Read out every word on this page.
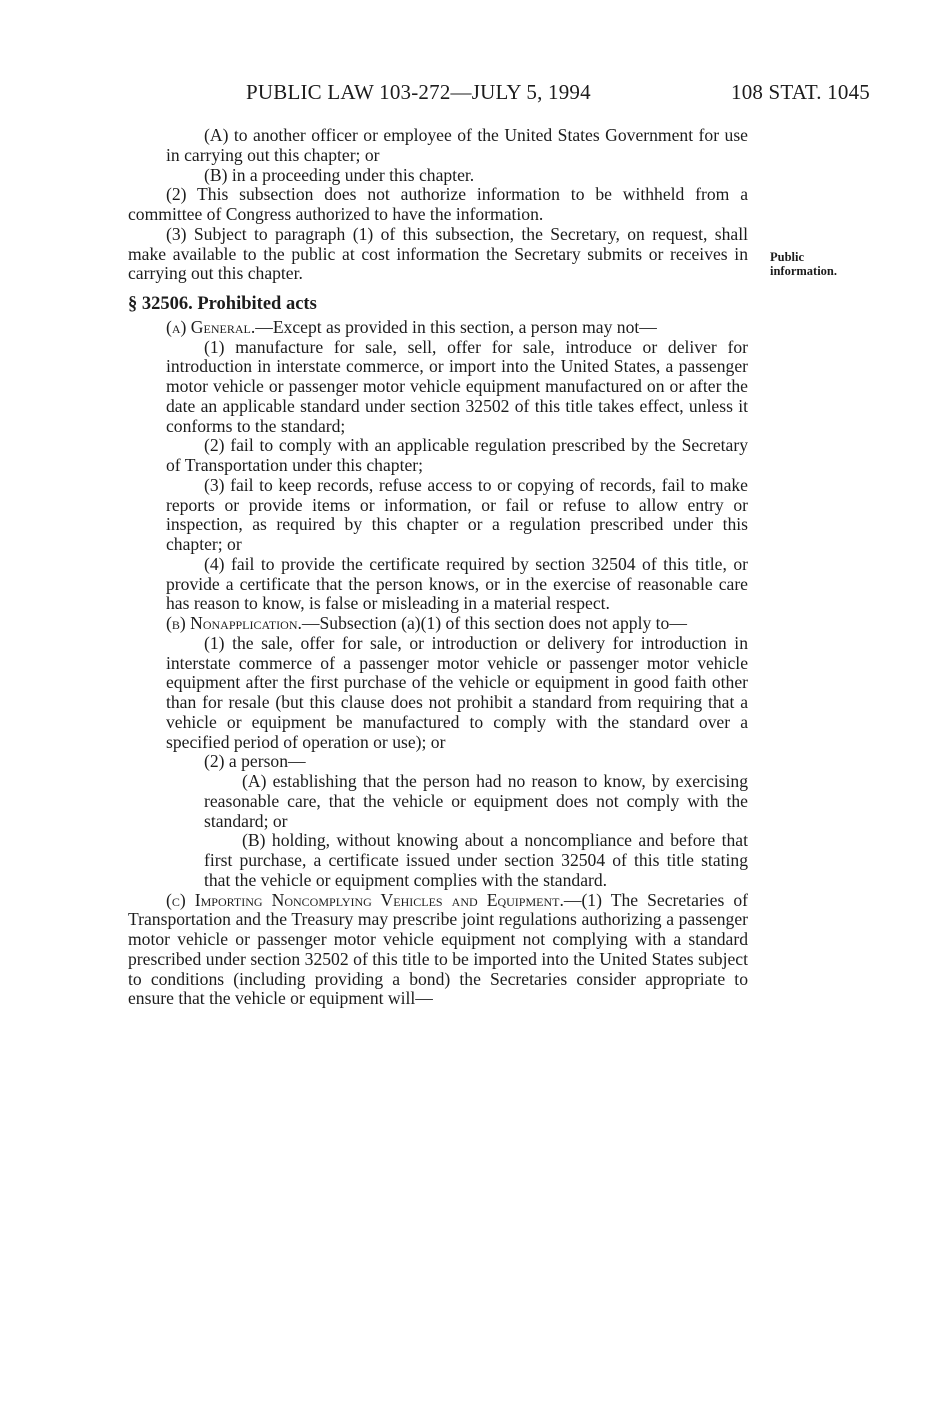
PUBLIC LAW 103-272—JULY 5, 1994	108 STAT. 1045
Public
information.

(A) to another officer or employee of the United States Government for use in carrying out this chapter; or

(B) in a proceeding under this chapter.

(2) This subsection does not authorize information to be withheld from a committee of Congress authorized to have the information.

(3) Subject to paragraph (1) of this subsection, the Secretary, on request, shall make available to the public at cost information the Secretary submits or receives in carrying out this chapter.

§ 32506. Prohibited acts

(a) General.—Except as provided in this section, a person may not—

(1) manufacture for sale, sell, offer for sale, introduce or deliver for introduction in interstate commerce, or import into the United States, a passenger motor vehicle or passenger motor vehicle equipment manufactured on or after the date an applicable standard under section 32502 of this title takes effect, unless it conforms to the standard;

(2) fail to comply with an applicable regulation prescribed by the Secretary of Transportation under this chapter;

(3) fail to keep records, refuse access to or copying of records, fail to make reports or provide items or information, or fail or refuse to allow entry or inspection, as required by this chapter or a regulation prescribed under this chapter; or

(4) fail to provide the certificate required by section 32504 of this title, or provide a certificate that the person knows, or in the exercise of reasonable care has reason to know, is false or misleading in a material respect.

(b) Nonapplication.—Subsection (a)(1) of this section does not apply to—

(1) the sale, offer for sale, or introduction or delivery for introduction in interstate commerce of a passenger motor vehicle or passenger motor vehicle equipment after the first purchase of the vehicle or equipment in good faith other than for resale (but this clause does not prohibit a standard from requiring that a vehicle or equipment be manufactured to comply with the standard over a specified period of operation or use); or

(2) a person—

(A) establishing that the person had no reason to know, by exercising reasonable care, that the vehicle or equipment does not comply with the standard; or

(B) holding, without knowing about a noncompliance and before that first purchase, a certificate issued under section 32504 of this title stating that the vehicle or equipment complies with the standard.

(c) Importing Noncomplying Vehicles and Equipment.—(1) The Secretaries of Transportation and the Treasury may prescribe joint regulations authorizing a passenger motor vehicle or passenger motor vehicle equipment not complying with a standard prescribed under section 32502 of this title to be imported into the United States subject to conditions (including providing a bond) the Secretaries consider appropriate to ensure that the vehicle or equipment will—
